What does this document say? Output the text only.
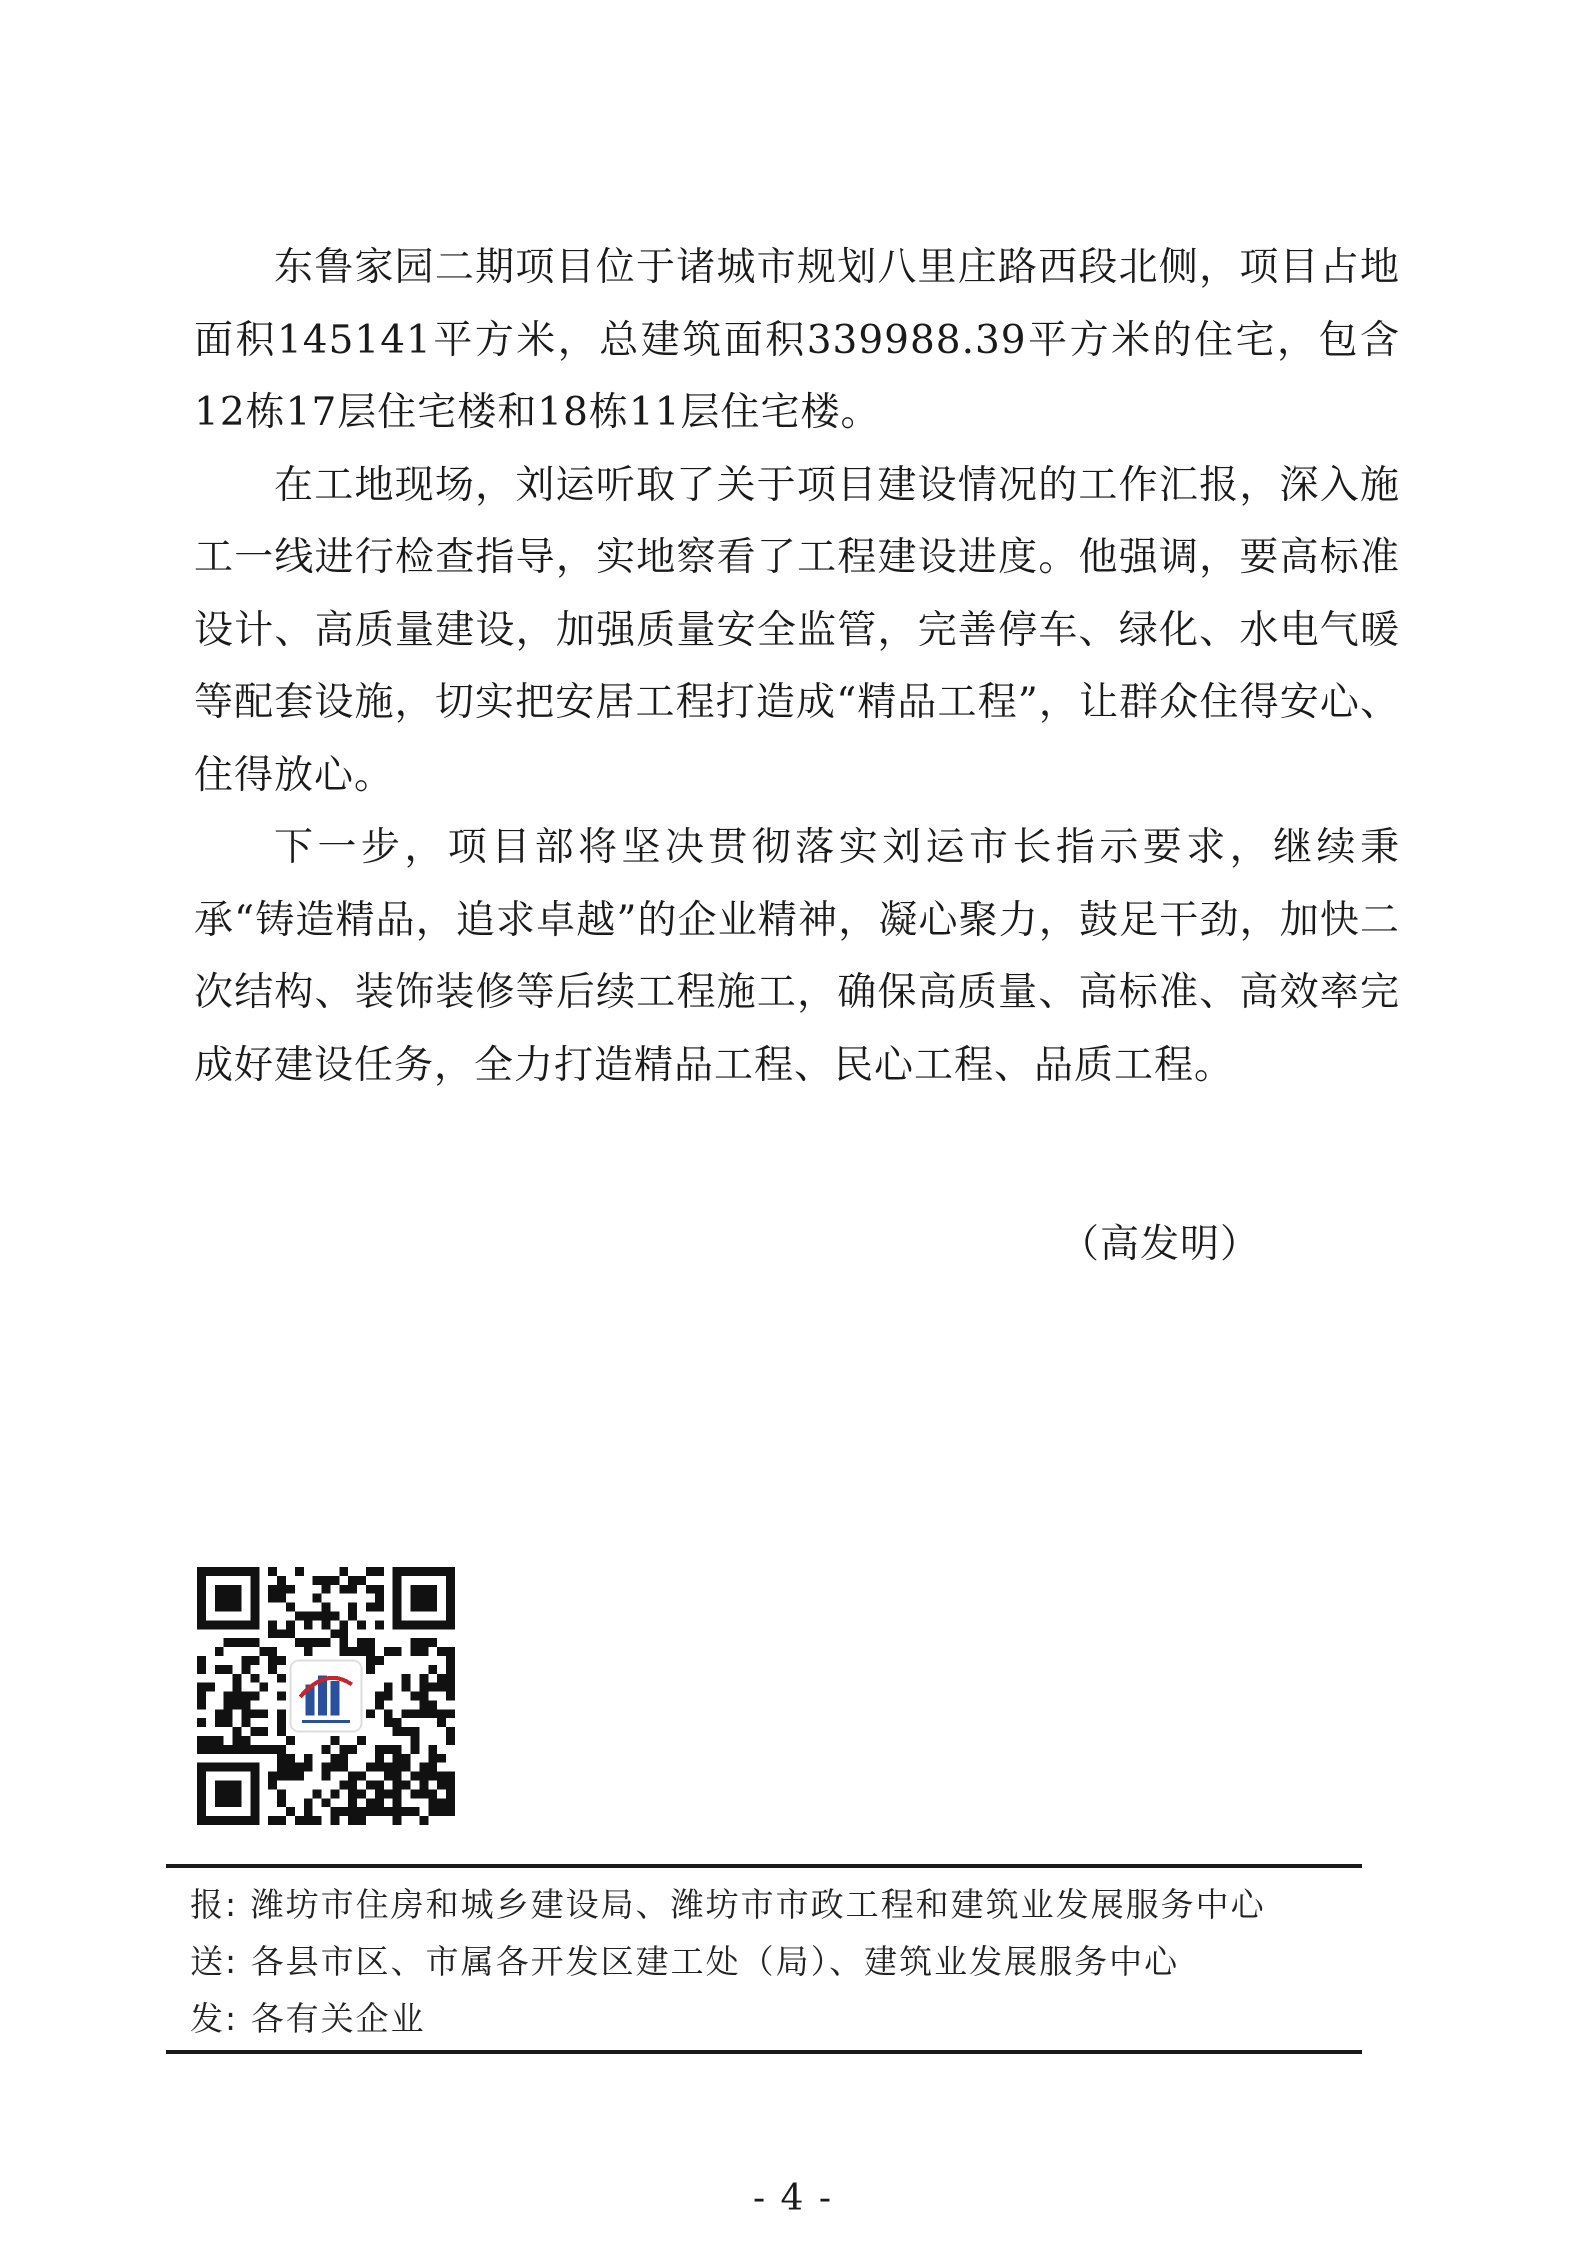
东鲁家园二期项目位于诸城市规划八里庄路西段北侧，项目占地面积145141平方米，总建筑面积339988.39平方米的住宅，包含12栋17层住宅楼和18栋11层住宅楼。

在工地现场，刘运听取了关于项目建设情况的工作汇报，深入施工一线进行检查指导，实地察看了工程建设进度。他强调，要高标准设计、高质量建设，加强质量安全监管，完善停车、绿化、水电气暖等配套设施，切实把安居工程打造成“精品工程”，让群众住得安心、住得放心。

下一步，项目部将坚决贯彻落实刘运市长指示要求，继续秉承“铸造精品，追求卓越”的企业精神，凝心聚力，鼓足干劲，加快二次结构、装饰装修等后续工程施工，确保高质量、高标准、高效率完成好建设任务，全力打造精品工程、民心工程、品质工程。

（高发明）
报: 潍坊市住房和城乡建设局、潍坊市市政工程和建筑业发展服务中心
送: 各县市区、市属各开发区建工处（局）、建筑业发展服务中心
发: 各有关企业
- 4 -
